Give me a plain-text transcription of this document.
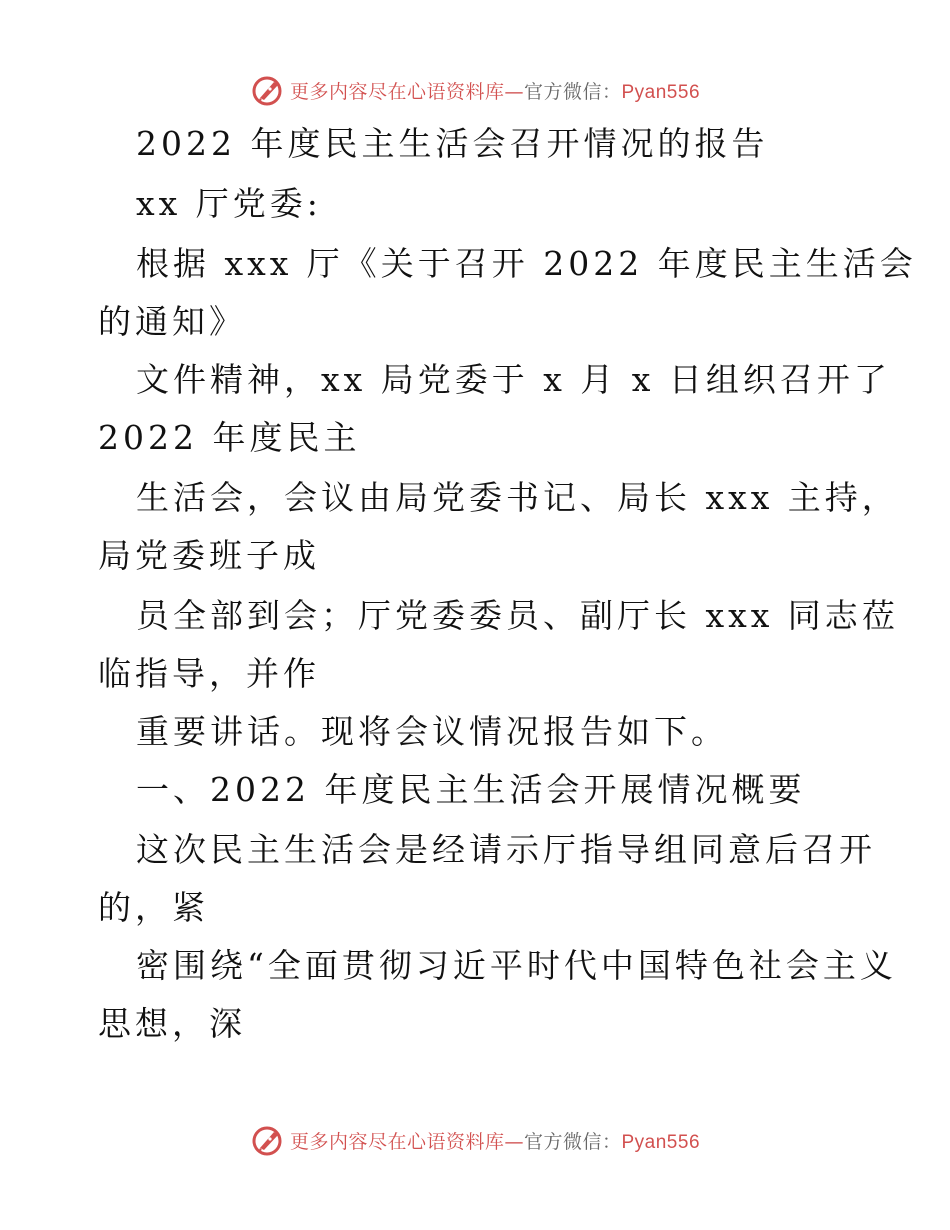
更多内容尽在心语资料库—官方微信：Pyan556
2022 年度民主生活会召开情况的报告
xx 厅党委:
根据 xxx 厅《关于召开 2022 年度民主生活会
的通知》
文件精神，xx 局党委于 x 月 x 日组织召开了
2022 年度民主
生活会，会议由局党委书记、局长 xxx 主持，
局党委班子成
员全部到会；厅党委委员、副厅长 xxx 同志莅
临指导，并作
重要讲话。现将会议情况报告如下。
一、2022 年度民主生活会开展情况概要
这次民主生活会是经请示厅指导组同意后召开
的，紧
密围绕“全面贯彻习近平时代中国特色社会主义
思想，深
更多内容尽在心语资料库—官方微信：Pyan556
